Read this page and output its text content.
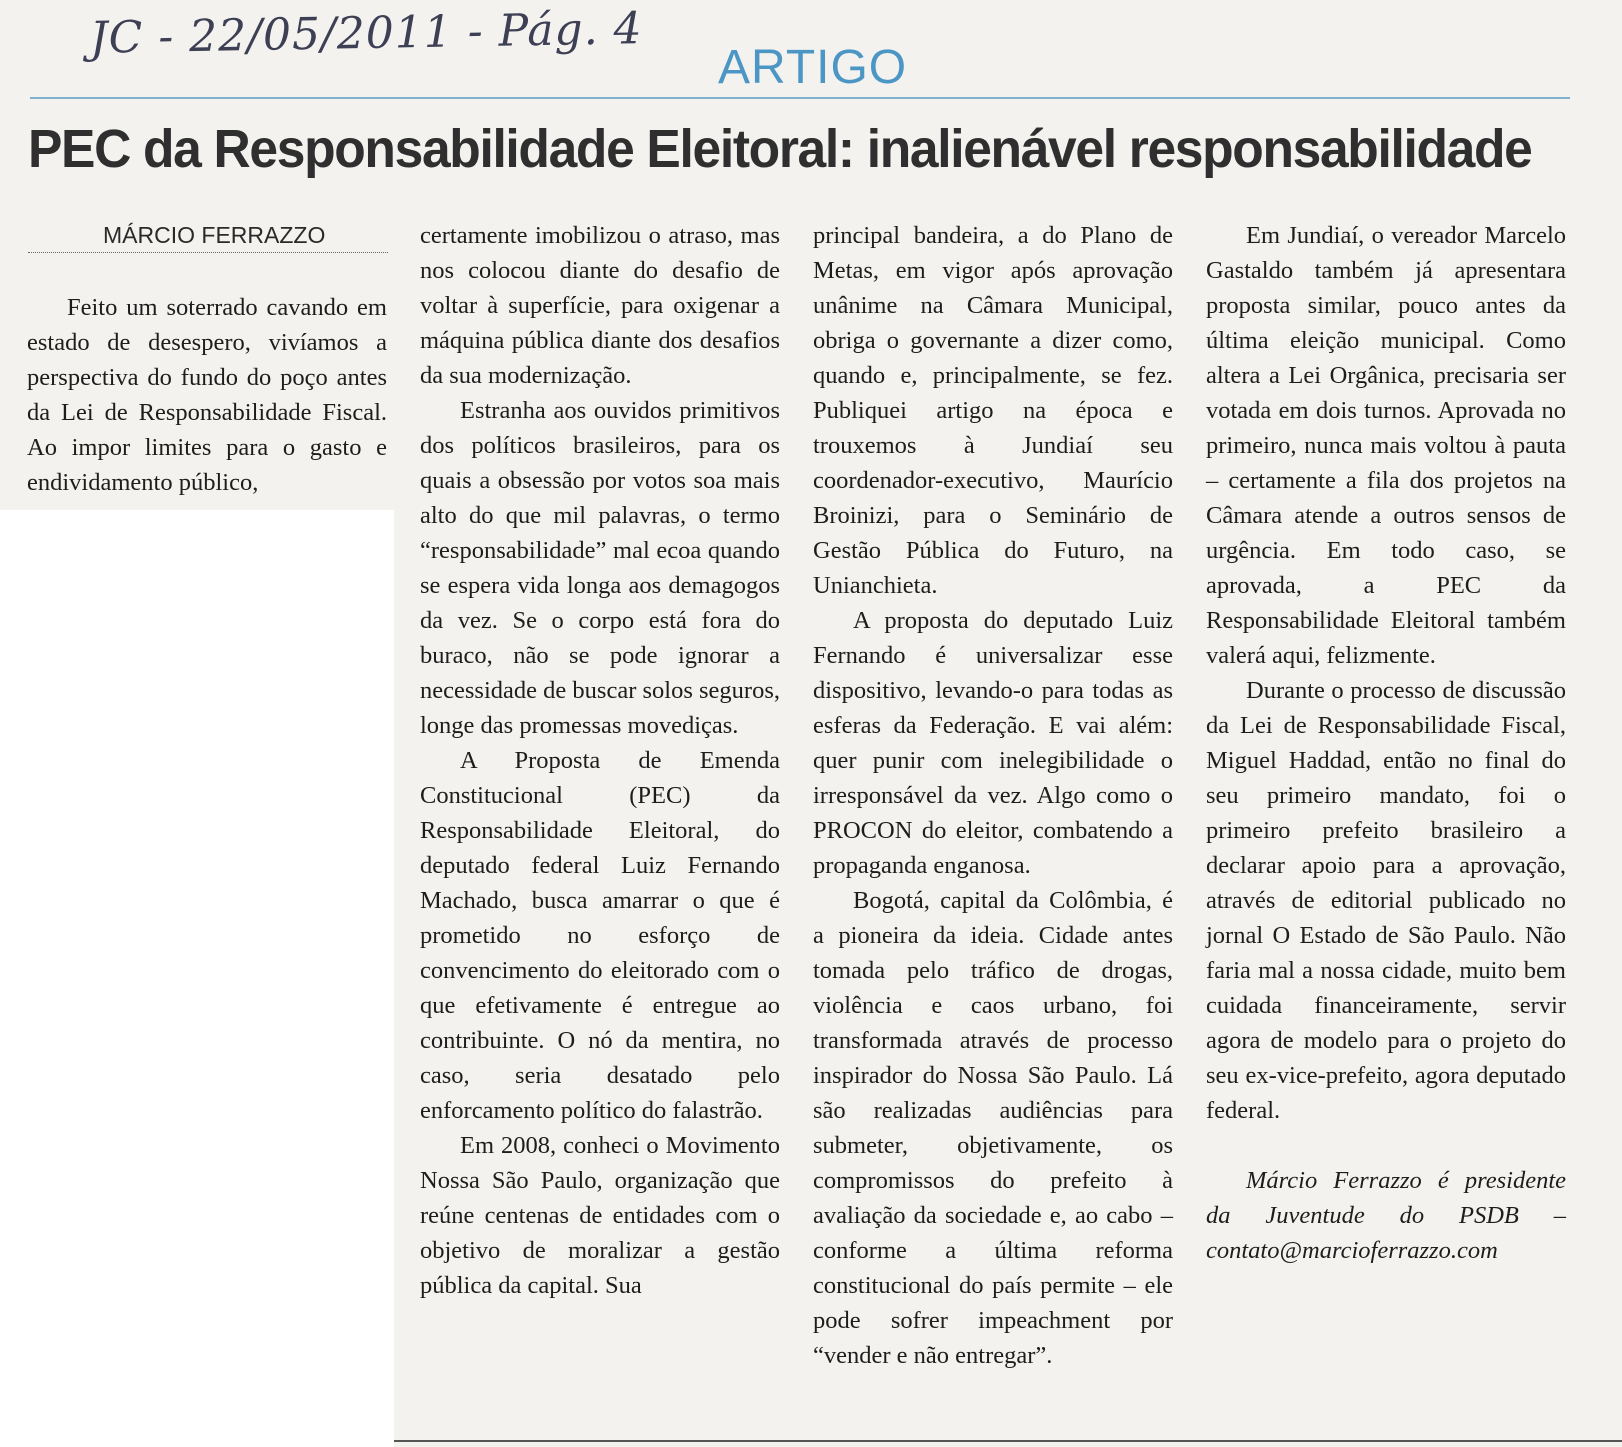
JC - 22/05/2011 - Pág. 4
ARTIGO
PEC da Responsabilidade Eleitoral: inalienável responsabilidade
MÁRCIO FERRAZZO

Feito um soterrado cavando em estado de desespero, vivíamos a perspectiva do fundo do poço antes da Lei de Responsabilidade Fiscal. Ao impor limites para o gasto e endividamento público,

certamente imobilizou o atraso, mas nos colocou diante do desafio de voltar à superfície, para oxigenar a máquina pública diante dos desafios da sua modernização.

Estranha aos ouvidos primitivos dos políticos brasileiros, para os quais a obsessão por votos soa mais alto do que mil palavras, o termo “responsabilidade” mal ecoa quando se espera vida longa aos demagogos da vez. Se o corpo está fora do buraco, não se pode ignorar a necessidade de buscar solos seguros, longe das promessas movediças.

A Proposta de Emenda Constitucional (PEC) da Responsabilidade Eleitoral, do deputado federal Luiz Fernando Machado, busca amarrar o que é prometido no esforço de convencimento do eleitorado com o que efetivamente é entregue ao contribuinte. O nó da mentira, no caso, seria desatado pelo enforcamento político do falastrão.

Em 2008, conheci o Movimento Nossa São Paulo, organização que reúne centenas de entidades com o objetivo de moralizar a gestão pública da capital. Sua

principal bandeira, a do Plano de Metas, em vigor após aprovação unânime na Câmara Municipal, obriga o governante a dizer como, quando e, principalmente, se fez. Publiquei artigo na época e trouxemos à Jundiaí seu coordenador-executivo, Maurício Broinizi, para o Seminário de Gestão Pública do Futuro, na Unianchieta.

A proposta do deputado Luiz Fernando é universalizar esse dispositivo, levando-o para todas as esferas da Federação. E vai além: quer punir com inelegibilidade o irresponsável da vez. Algo como o PROCON do eleitor, combatendo a propaganda enganosa.

Bogotá, capital da Colômbia, é a pioneira da ideia. Cidade antes tomada pelo tráfico de drogas, violência e caos urbano, foi transformada através de processo inspirador do Nossa São Paulo. Lá são realizadas audiências para submeter, objetivamente, os compromissos do prefeito à avaliação da sociedade e, ao cabo – conforme a última reforma constitucional do país permite – ele pode sofrer impeachment por “vender e não entregar”.

Em Jundiaí, o vereador Marcelo Gastaldo também já apresentara proposta similar, pouco antes da última eleição municipal. Como altera a Lei Orgânica, precisaria ser votada em dois turnos. Aprovada no primeiro, nunca mais voltou à pauta – certamente a fila dos projetos na Câmara atende a outros sensos de urgência. Em todo caso, se aprovada, a PEC da Responsabilidade Eleitoral também valerá aqui, felizmente.

Durante o processo de discussão da Lei de Responsabilidade Fiscal, Miguel Haddad, então no final do seu primeiro mandato, foi o primeiro prefeito brasileiro a declarar apoio para a aprovação, através de editorial publicado no jornal O Estado de São Paulo. Não faria mal a nossa cidade, muito bem cuidada financeiramente, servir agora de modelo para o projeto do seu ex-vice-prefeito, agora deputado federal.

Márcio Ferrazzo é presidente da Juventude do PSDB – contato@marcioferrazzo.com
